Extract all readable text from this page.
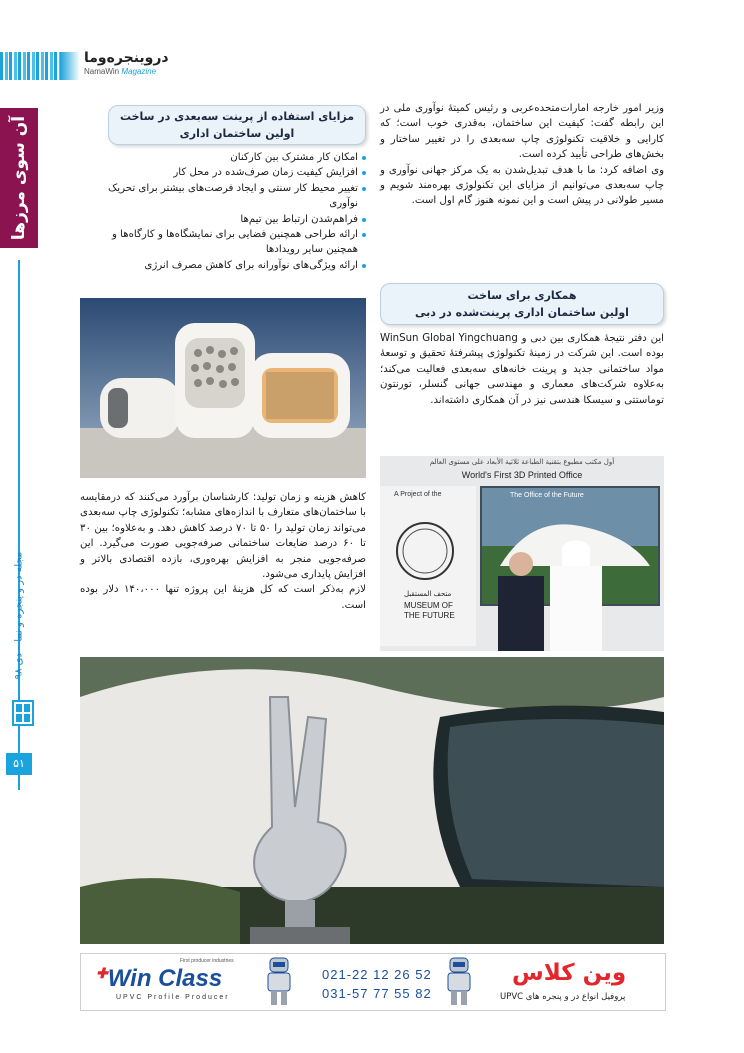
دروینجره‌وما
NamaWin Magazine
آن سوی مرزها
مجله در و پنجره و نما – دی ۹۸
۵۱

وزیر امور خارجه امارات‌متحده‌عربی و رئیس کمیتهٔ نوآوری ملی در این رابطه گفت: کیفیت این ساختمان، به‌قدری خوب است؛ که کارایی و خلاقیت تکنولوژی چاپ سه‌بعدی را در تغییر ساختار و بخش‌های طراحی تأیید کرده است.

وی اضافه کرد: ما با هدف تبدیل‌شدن به یک مرکز جهانی نوآوری و چاپ سه‌بعدی می‌توانیم از مزایای این تکنولوژی بهره‌مند شویم و مسیر طولانی در پیش است و این نمونه هنوز گام اول است.

همکاری برای ساخت
اولین ساختمان اداری پرینت‌شده در دبی
این دفتر نتیجهٔ همکاری بین دبی و WinSun Global Yingchuang بوده است. این شرکت در زمینهٔ تکنولوژی پیشرفتهٔ تحقیق و توسعهٔ مواد ساختمانی جدید و پرینت خانه‌های سه‌بعدی فعالیت می‌کند؛ به‌علاوه شرکت‌های معماری و مهندسی جهانی گنسلر، تورنتون توماستتی و سیسکا هندسی نیز در آن همکاری داشته‌اند.
أول مكتب مطبوع بتقنية الطباعة ثلاثية الأبعاد على مستوى العالم
World's First 3D Printed Office
The Office of the Future
A Project of the
متحف المستقبل
MUSEUM OF
THE FUTURE
مزایای استفاده از پرینت سه‌بعدی در ساخت
اولین ساختمان اداری
امکان کار مشترک بین کارکنان
افزایش کیفیت زمان صرف‌شده در محل کار
تغییر محیط کار سنتی و ایجاد فرصت‌های بیشتر برای تحریک نوآوری
فراهم‌شدن ارتباط بین تیم‌ها
ارائه طراحی همچنین فضایی برای نمایشگاه‌ها و کارگاه‌ها و همچنین سایر رویدادها
ارائه ویژگی‌های نوآورانه برای کاهش مصرف انرژی

کاهش هزینه و زمان تولید: کارشناسان برآورد می‌کنند که درمقایسه با ساختمان‌های متعارف با اندازه‌های مشابه؛ تکنولوژی چاپ سه‌بعدی می‌تواند زمان تولید را ۵۰ تا ۷۰ درصد کاهش دهد. و به‌علاوه؛ بین ۳۰ تا ۶۰ درصد ضایعات ساختمانی صرفه‌جویی صورت می‌گیرد. این صرفه‌جویی منجر به افزایش بهره‌وری، بازده اقتصادی بالاتر و افزایش پایداری می‌شود.

لازم به‌ذکر است که کل هزینهٔ این پروژه تنها ۱۴۰،۰۰۰ دلار بوده است.

✚Win Class
First producer industries
UPVC Profile Producer
021-22 12 26 52
031-57 77 55 82
وین کلاس
پروفیل انواع در و پنجره های UPVC
